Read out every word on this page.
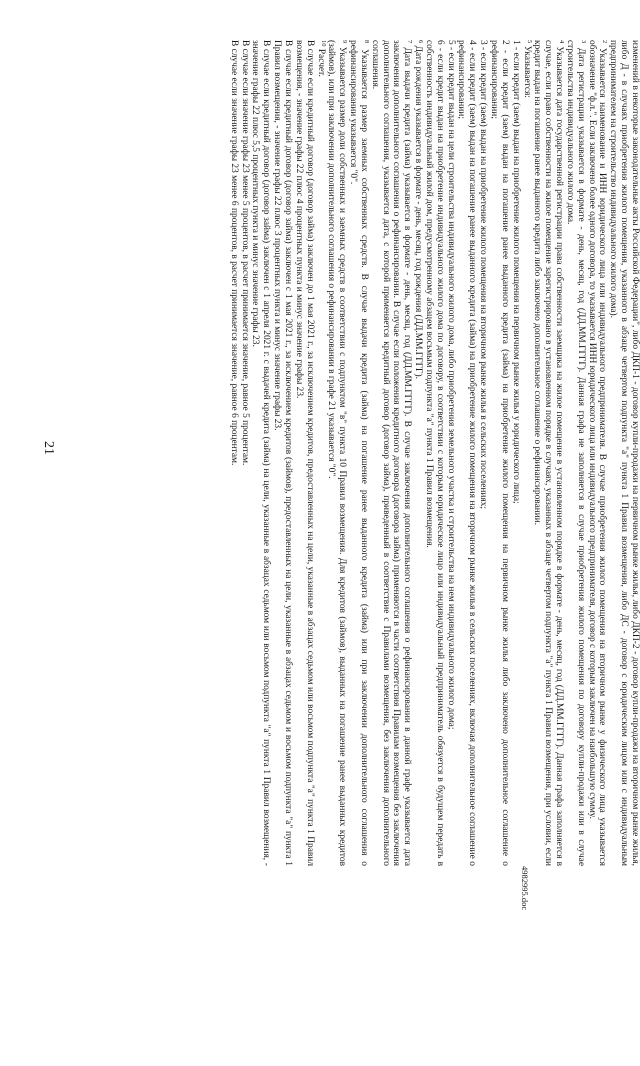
21	изменений в некоторые законодательные акты Российской Федерации", либо ДКП-1 - договор купли-продажи на первичном рынке жилья, либо ДКП-2 - договор купли-продажи на вторичном рынке жилья, либо Д - в случаях приобретения жилого помещения, указанного в абзаце четвертом подпункта "а" пункта 1 Правил возмещения, либо ДС - договор с юридическим лицом или с индивидуальным предпринимателем на строительство индивидуального жилого дома).

$^2$ Указывается наименование и ИНН юридического лица или индивидуального предпринимателя. В случае приобретения жилого помещения на вторичном рынке у физического лица указывается обозначение "ф.л.". Если заключено более одного договора, то указывается ИНН юридического лица или индивидуального предпринимателя, договор с которым заключен на наибольшую сумму.

$^3$ Дата регистрации указывается в формате - день, месяц, год (ДД.ММ.ГГГГ). Данная графа не заполняется в случае приобретения жилого помещения по договору купли-продажи или в случае строительства индивидуального жилого дома.

$^4$ Указывается дата государственной регистрации права собственности заемщика на жилое помещение в установленном порядке в формате - день, месяц, год (ДД.ММ.ГГГГ). Данная графа заполняется в случае, если право собственности на жилое помещение зарегистрировано в установленном порядке в случаях, указанных в абзаце четвертом подпункта "а" пункта 1 Правил возмещения, при условии, если кредит выдан на погашение ранее выданного кредита либо заключено дополнительное соглашение о рефинансировании.

$^5$ Указывается:

1 - если кредит (заем) выдан на приобретение жилого помещения на первичном рынке жилья у юридического лица;

2 - если кредит (заем) выдан на погашение ранее выданного кредита (займа) на приобретение жилого помещения на первичном рынке жилья либо заключено дополнительное соглашение о рефинансировании;

3 - если кредит (заем) выдан на приобретение жилого помещения на вторичном рынке жилья в сельских поселениях;

4 - если кредит (заем) выдан на погашение ранее выданного кредита (займа) на приобретение жилого помещения на вторичном рынке жилья в сельских поселениях, включая дополнительное соглашение о рефинансировании;

5 - если кредит выдан на цели строительства индивидуального жилого дома, либо приобретения земельного участка и строительства на нем индивидуального жилого дома;

6 - если кредит выдан на приобретение индивидуального жилого дома по договору, в соответствии с которым юридическое лицо или индивидуальный предприниматель обязуется в будущем передать в собственность индивидуальный жилой дом, предусмотренному абзацем восьмым подпункта "а" пункта 1 Правил возмещения.

$^6$ Дата рождения указывается в формате - день, месяц, год рождения (ДД.ММ.ГГГГ).

$^7$ Дата выдачи кредита (займа) указывается в формате - день, месяц, год (ДД.ММ.ГГГГ). В случае заключения дополнительного соглашения о рефинансировании в данной графе указывается дата заключения дополнительного соглашения о рефинансировании. В случае если положения кредитного договора (договора займа) применяются в части соответствия Правилам возмещения без заключения дополнительного соглашения, указывается дата, с которой применяется кредитный договор (договор займа), приведенный в соответствие с Правилами возмещения, без заключения дополнительного соглашения.

$^8$ Указывается размер заемных собственных средств. В случае выдачи кредита (займа) на погашение ранее выданного кредита (займа) или при заключении дополнительного соглашения о рефинансировании указывается "0".

$^9$ Указывается размер доли собственных и заемных средств в соответствии с подпунктом "в" пункта 10 Правил возмещения. Для кредитов (займов), выданных на погашение ранее выданных кредитов (займов), или при заключении дополнительного соглашения о рефинансировании в графе 21 указывается "0".

$^{10}$ Расчет.

В случае если кредитный договор (договор займа) заключен до 1 мая 2021 г., за исключением кредитов, предоставленных на цели, указанные в абзацах седьмом или восьмом подпункта "а" пункта 1 Правил возмещения, - значение графы 22 плюс 4 процентных пункта и минус значение графы 23.

В случае если кредитный договор (договор займа) заключен с 1 мая 2021 г., за исключением кредитов (займов), предоставленных на цели, указанные в абзацах седьмом и восьмом подпункта "а" пункта 1 Правил возмещения, - значение графы 22 плюс 3 процентных пункта и минус значение графы 23.

В случае если кредитный договор (договор займа) заключен с 1 апреля 2021 г. с выдачей кредита (займа) на цели, указанные в абзацах седьмом или восьмом подпункта "а" пункта 1 Правил возмещения, - значение графы 22 плюс 5,5 процентных пункта и минус значение графы 23.

В случае если значение графы 23 менее 5 процентов, в расчет принимается значение, равное 5 процентам.

В случае если значение графы 23 менее 6 процентов, в расчет принимается значение, равное 6 процентам.

4982995.doc
